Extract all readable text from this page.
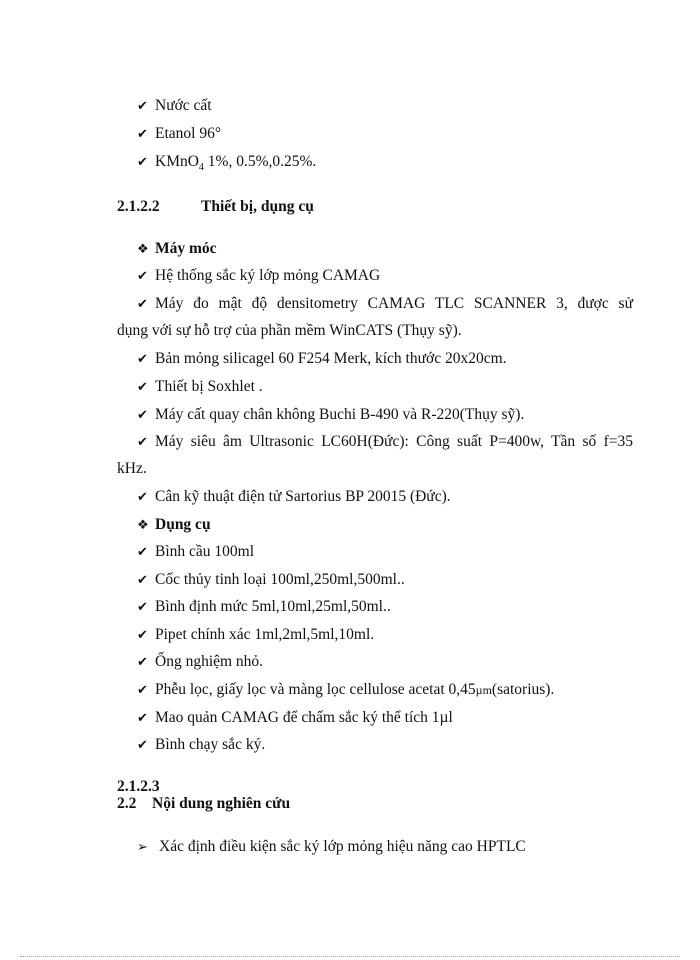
✔ Nước cất
✔ Etanol 96°
✔ KMnO$_4$ 1%, 0.5%,0.25%.
2.1.2.2	Thiết bị, dụng cụ
❖ Máy móc
✔ Hệ thống sắc ký lớp mỏng CAMAG
✔ Máy đo mật độ densitometry CAMAG TLC SCANNER 3, được sử
dụng với sự hỗ trợ của phần mềm WinCATS (Thụy sỹ).
✔ Bản mỏng silicagel 60 F254 Merk, kích thước 20x20cm.
✔ Thiết bị Soxhlet .
✔ Máy cất quay chân không Buchi B-490 và R-220(Thụy sỹ).
✔ Máy siêu âm Ultrasonic LC60H(Đức): Công suất P=400w, Tần số f=35
kHz.
✔ Cân kỹ thuật điện tử Sartorius BP 20015 (Đức).
❖ Dụng cụ
✔ Bình cầu 100ml
✔ Cốc thủy tinh loại 100ml,250ml,500ml..
✔ Bình định mức 5ml,10ml,25ml,50ml..
✔ Pipet chính xác 1ml,2ml,5ml,10ml.
✔ Ống nghiệm nhỏ.
✔ Phễu lọc, giấy lọc và màng lọc cellulose acetat 0,45µm(satorius).
✔ Mao quản CAMAG để chấm sắc ký thể tích 1µl
✔ Bình chạy sắc ký.
2.1.2.3
2.2 Nội dung nghiên cứu
➢ Xác định điều kiện sắc ký lớp mỏng hiệu năng cao HPTLC
